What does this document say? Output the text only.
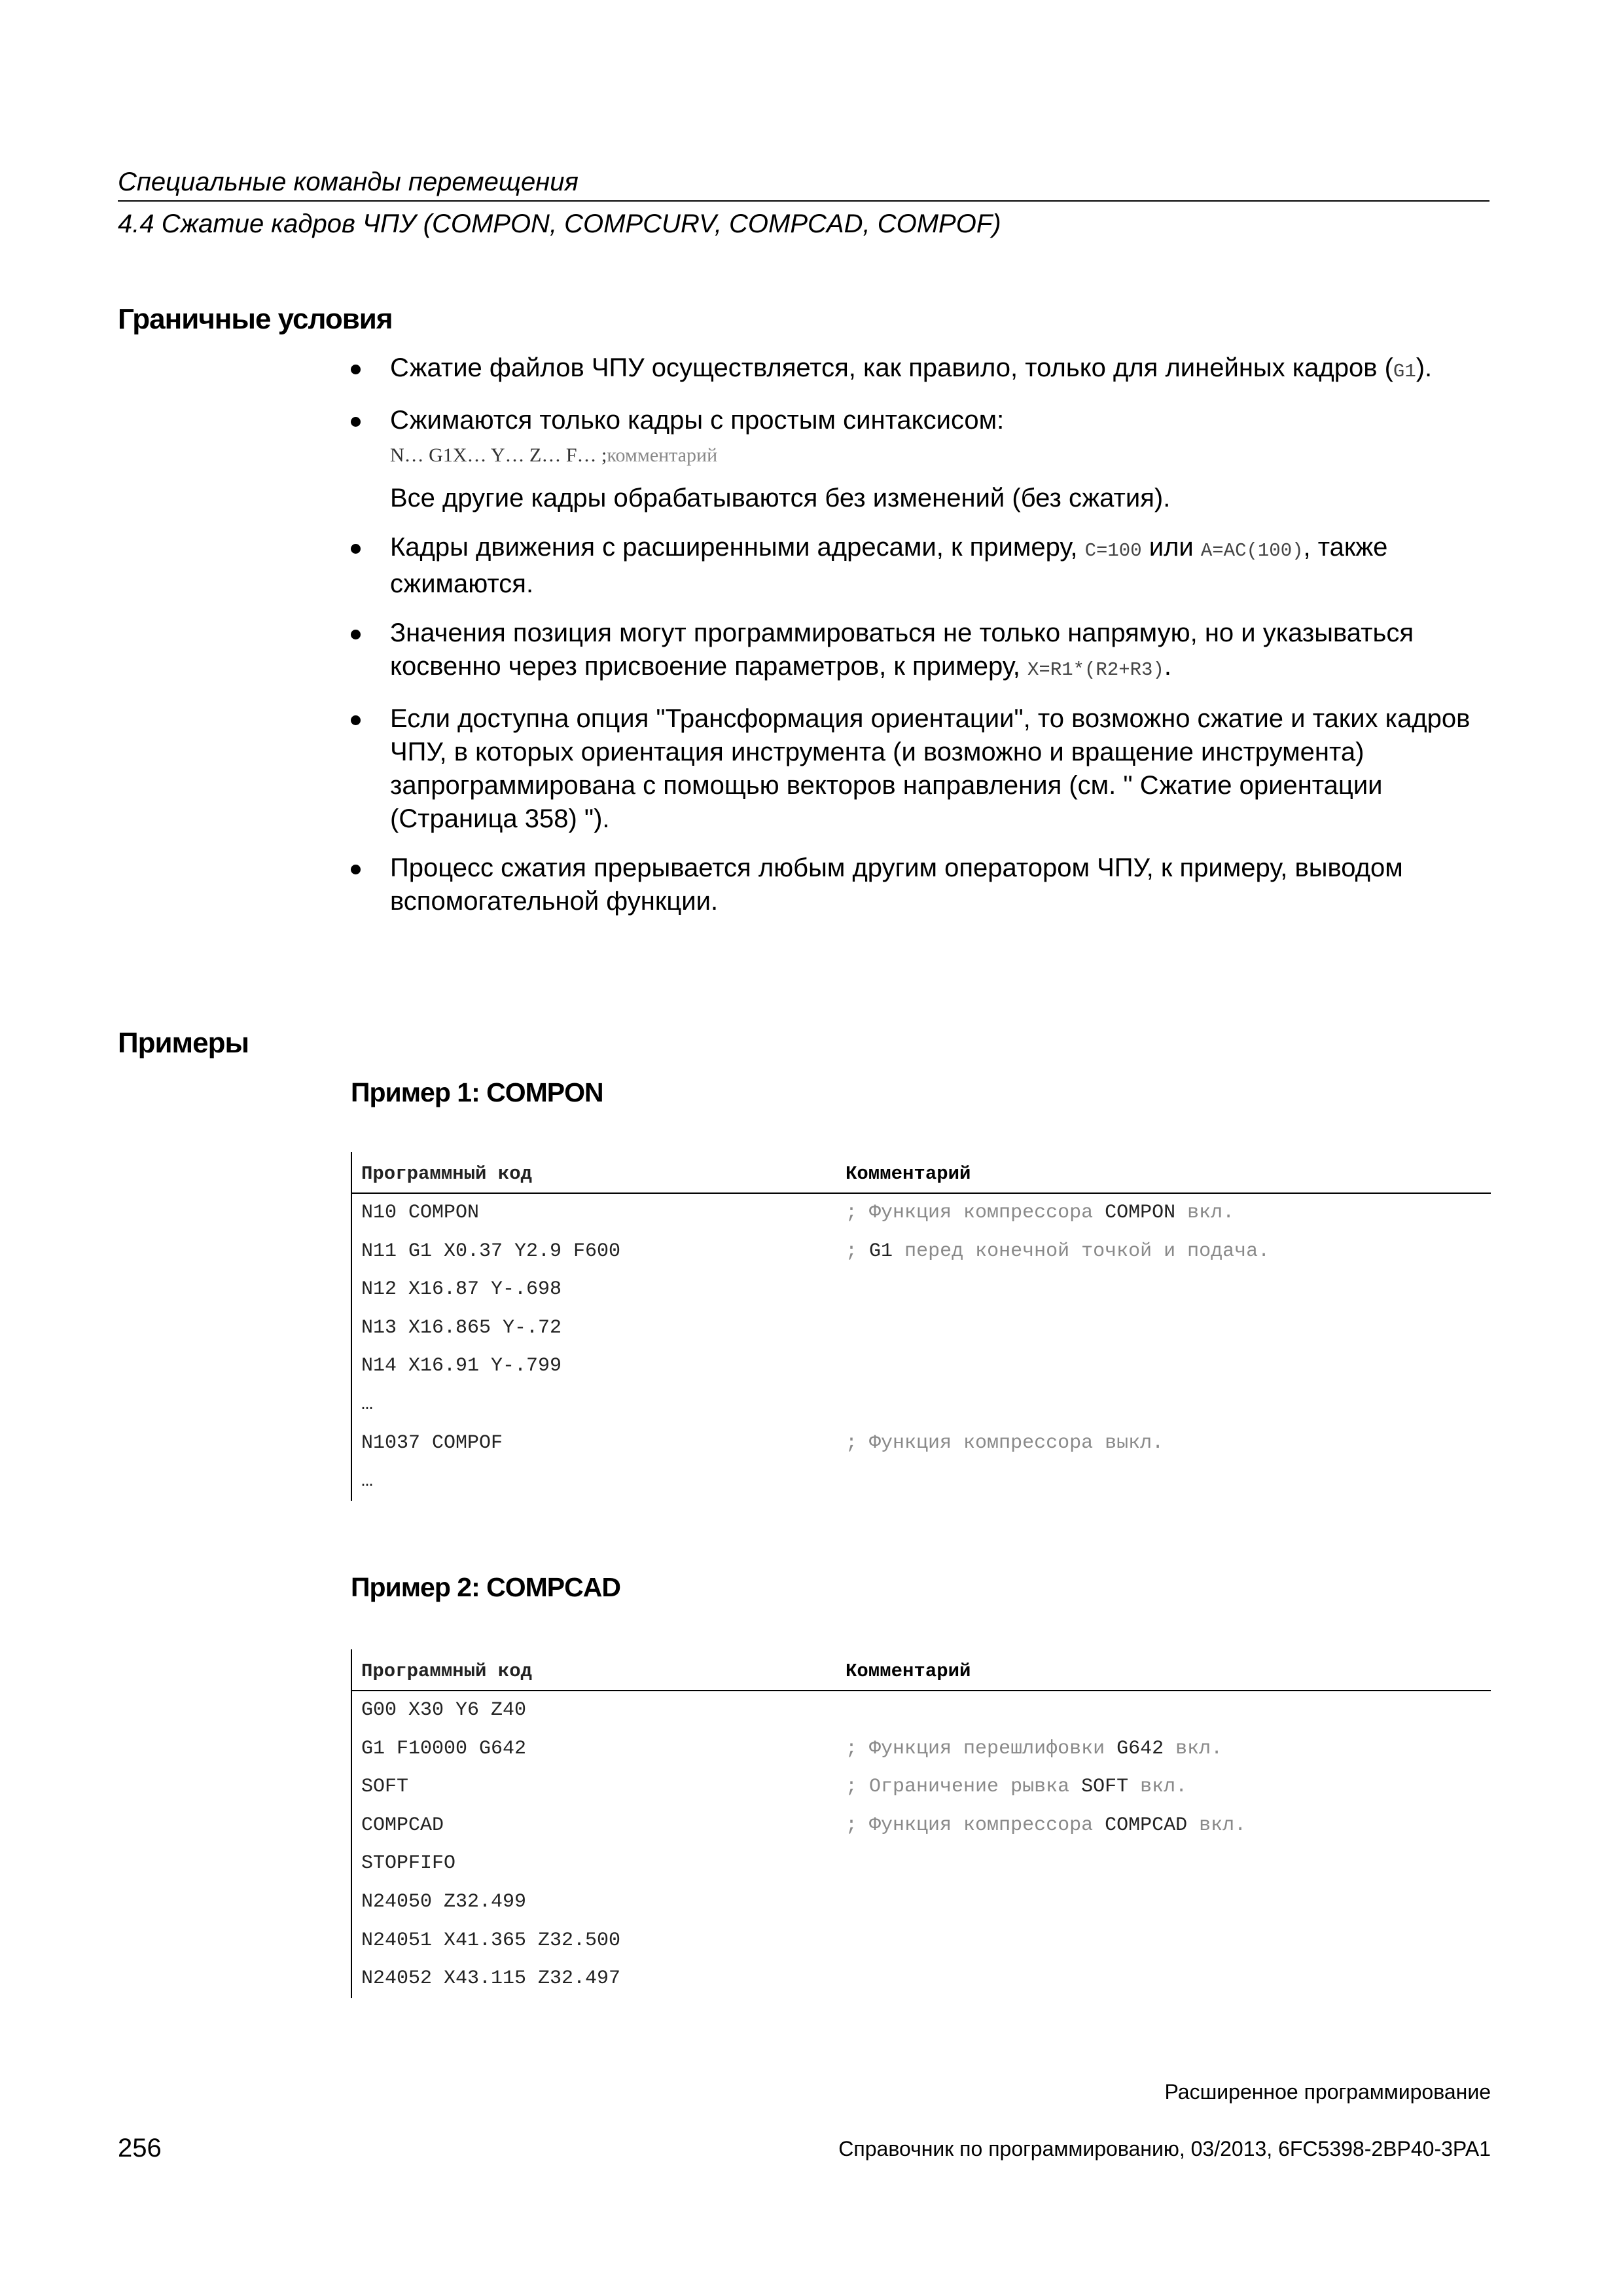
Специальные команды перемещения
4.4 Сжатие кадров ЧПУ (COMPON, COMPCURV, COMPCAD, COMPOF)
Граничные условия
Сжатие файлов ЧПУ осуществляется, как правило, только для линейных кадров (G1).
Сжимаются только кадры с простым синтаксисом:
N… G1X… Y… Z… F… ;комментарий
Все другие кадры обрабатываются без изменений (без сжатия).
Кадры движения с расширенными адресами, к примеру, C=100 или A=AC(100), также сжимаются.
Значения позиция могут программироваться не только напрямую, но и указываться косвенно через присвоение параметров, к примеру, X=R1*(R2+R3).
Если доступна опция "Трансформация ориентации", то возможно сжатие и таких кадров ЧПУ, в которых ориентация инструмента (и возможно и вращение инструмента) запрограммирована с помощью векторов направления (см. " Сжатие ориентации (Страница 358) ").
Процесс сжатия прерывается любым другим оператором ЧПУ, к примеру, выводом вспомогательной функции.
Примеры
Пример 1: COMPON
Программный код	Комментарий
N10 COMPON	; Функция компрессора COMPON вкл.
N11 G1 X0.37 Y2.9 F600	; G1 перед конечной точкой и подача.
N12 X16.87 Y-.698
N13 X16.865 Y-.72
N14 X16.91 Y-.799
…
N1037 COMPOF	; Функция компрессора выкл.
…
Пример 2: COMPCAD
Программный код	Комментарий
G00 X30 Y6 Z40
G1 F10000 G642	; Функция перешлифовки G642 вкл.
SOFT	; Ограничение рывка SOFT вкл.
COMPCAD	; Функция компрессора COMPCAD вкл.
STOPFIFO
N24050 Z32.499
N24051 X41.365 Z32.500
N24052 X43.115 Z32.497
Расширенное программирование
Справочник по программированию, 03/2013, 6FC5398-2BP40-3PA1
256
